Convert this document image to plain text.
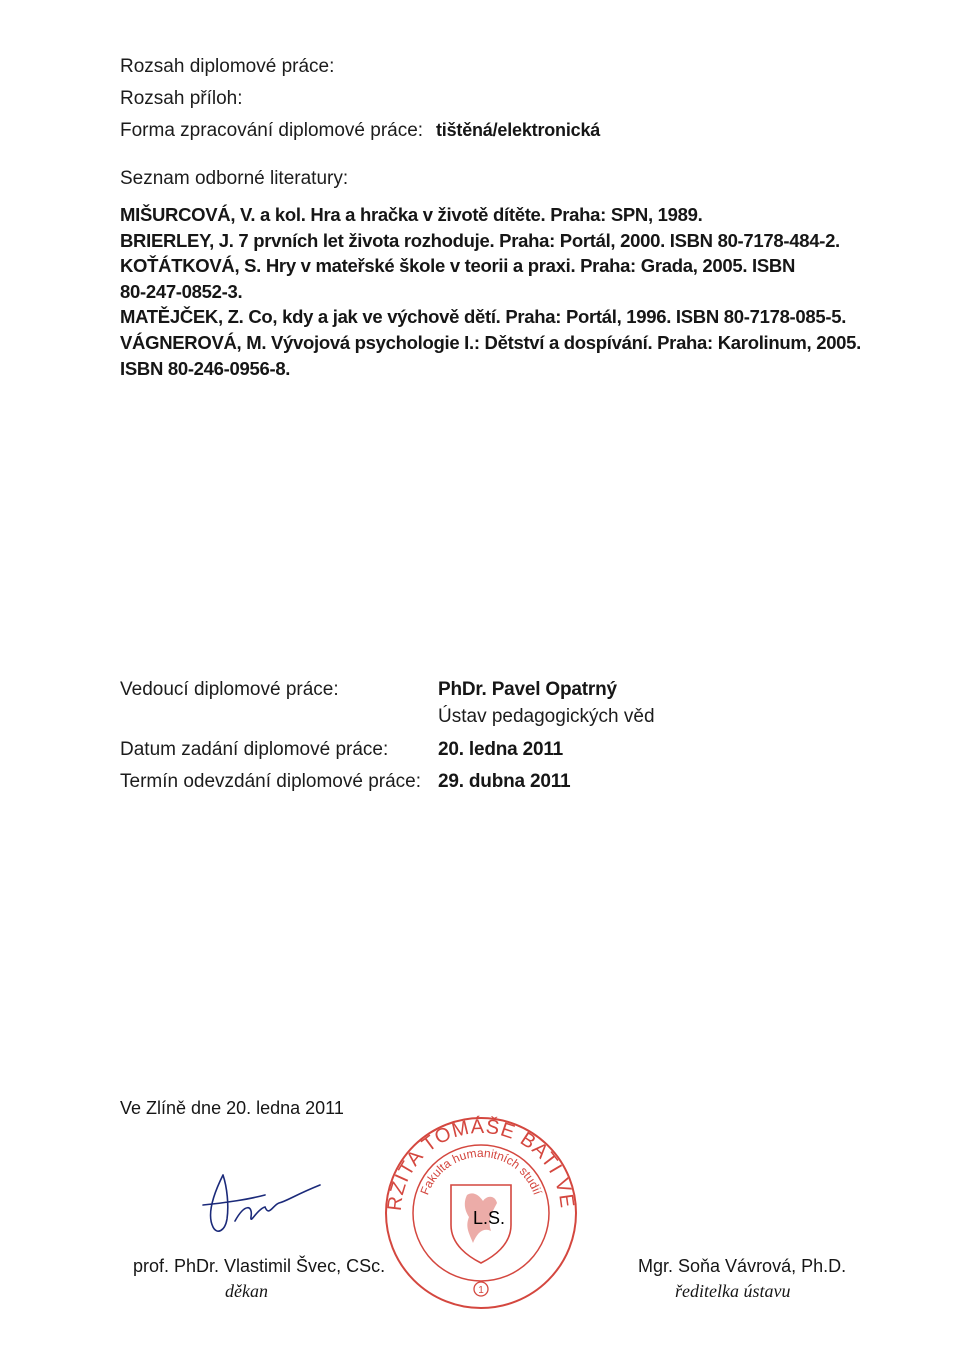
Rozsah diplomové práce:
Rozsah příloh:
Forma zpracování diplomové práce: tištěná/elektronická
Seznam odborné literatury:
MIŠURCOVÁ, V. a kol. Hra a hračka v životě dítěte. Praha: SPN, 1989.
BRIERLEY, J. 7 prvních let života rozhoduje. Praha: Portál, 2000. ISBN 80-7178-484-2.
KOŤÁTKOVÁ, S. Hry v mateřské škole v teorii a praxi. Praha: Grada, 2005. ISBN
80-247-0852-3.
MATĚJČEK, Z. Co, kdy a jak ve výchově dětí. Praha: Portál, 1996. ISBN 80-7178-085-5.
VÁGNEROVÁ, M. Vývojová psychologie I.: Dětství a dospívání. Praha: Karolinum, 2005.
ISBN 80-246-0956-8.
Vedoucí diplomové práce:	PhDr. Pavel Opatrný
Ústav pedagogických věd
Datum zadání diplomové práce:	20. ledna 2011
Termín odevzdání diplomové práce: 29. dubna 2011
Ve Zlíně dne 20. ledna 2011
prof. PhDr. Vlastimil Švec, CSc.
děkan
RZITA TOMÁŠE BATI VE
Fakulta humanitních studií
1
L.S.
Mgr. Soňa Vávrová, Ph.D.
ředitelka ústavu
